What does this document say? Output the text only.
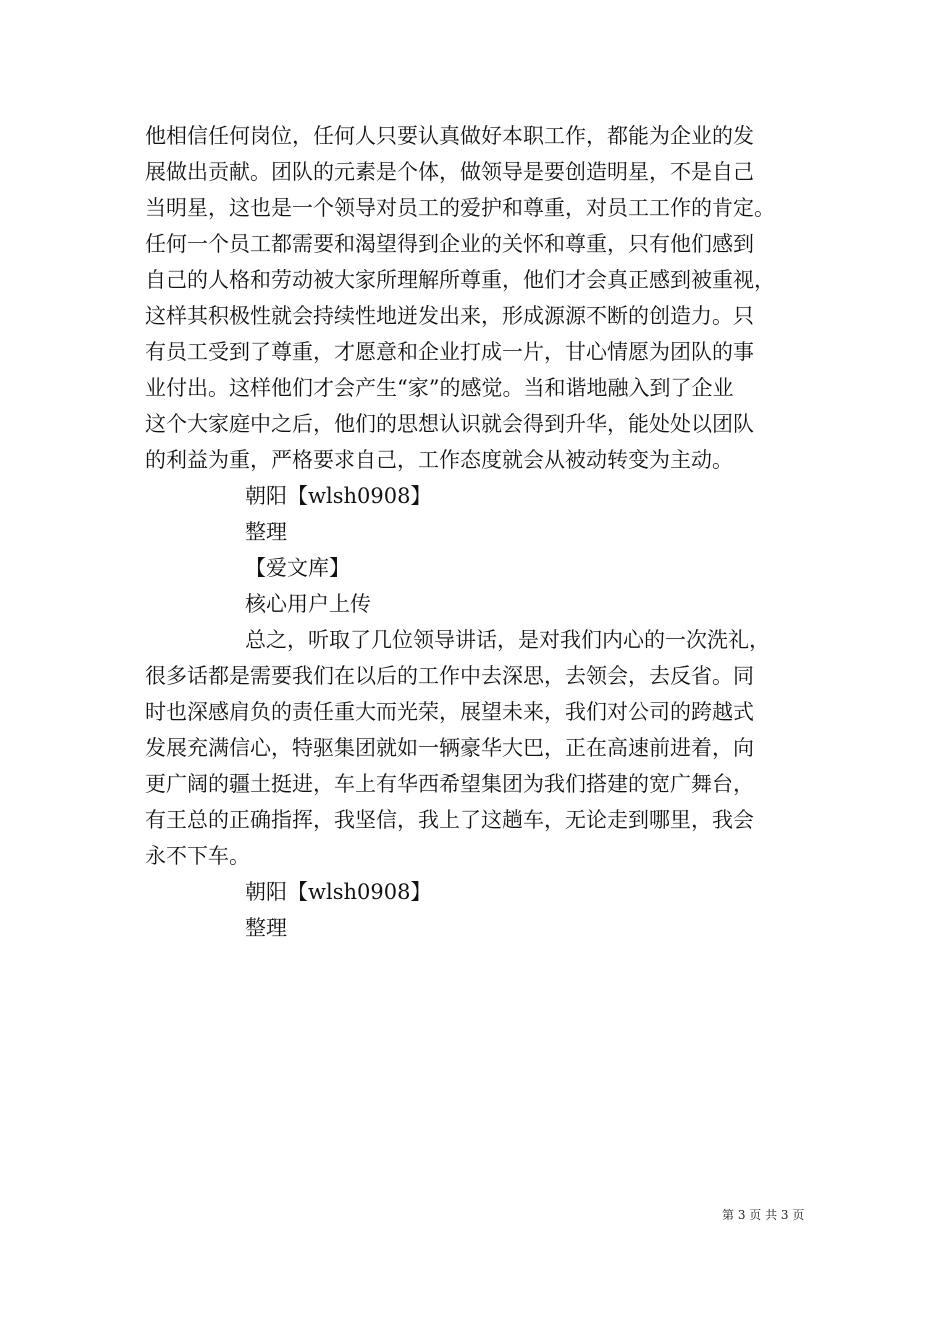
他相信任何岗位，任何人只要认真做好本职工作，都能为企业的发
展做出贡献。团队的元素是个体，做领导是要创造明星，不是自己
当明星，这也是一个领导对员工的爱护和尊重，对员工工作的肯定。
任何一个员工都需要和渴望得到企业的关怀和尊重，只有他们感到
自己的人格和劳动被大家所理解所尊重，他们才会真正感到被重视，
这样其积极性就会持续性地迸发出来，形成源源不断的创造力。只
有员工受到了尊重，才愿意和企业打成一片，甘心情愿为团队的事
业付出。这样他们才会产生“家”的感觉。当和谐地融入到了企业
这个大家庭中之后，他们的思想认识就会得到升华，能处处以团队
的利益为重，严格要求自己，工作态度就会从被动转变为主动。

朝阳【wlsh0908】
整理
【爱文库】
核心用户上传

总之，听取了几位领导讲话，是对我们内心的一次洗礼，
很多话都是需要我们在以后的工作中去深思，去领会，去反省。同
时也深感肩负的责任重大而光荣，展望未来，我们对公司的跨越式
发展充满信心，特驱集团就如一辆豪华大巴，正在高速前进着，向
更广阔的疆土挺进，车上有华西希望集团为我们搭建的宽广舞台，
有王总的正确指挥，我坚信，我上了这趟车，无论走到哪里，我会
永不下车。

朝阳【wlsh0908】
整理
第 3 页 共 3 页
